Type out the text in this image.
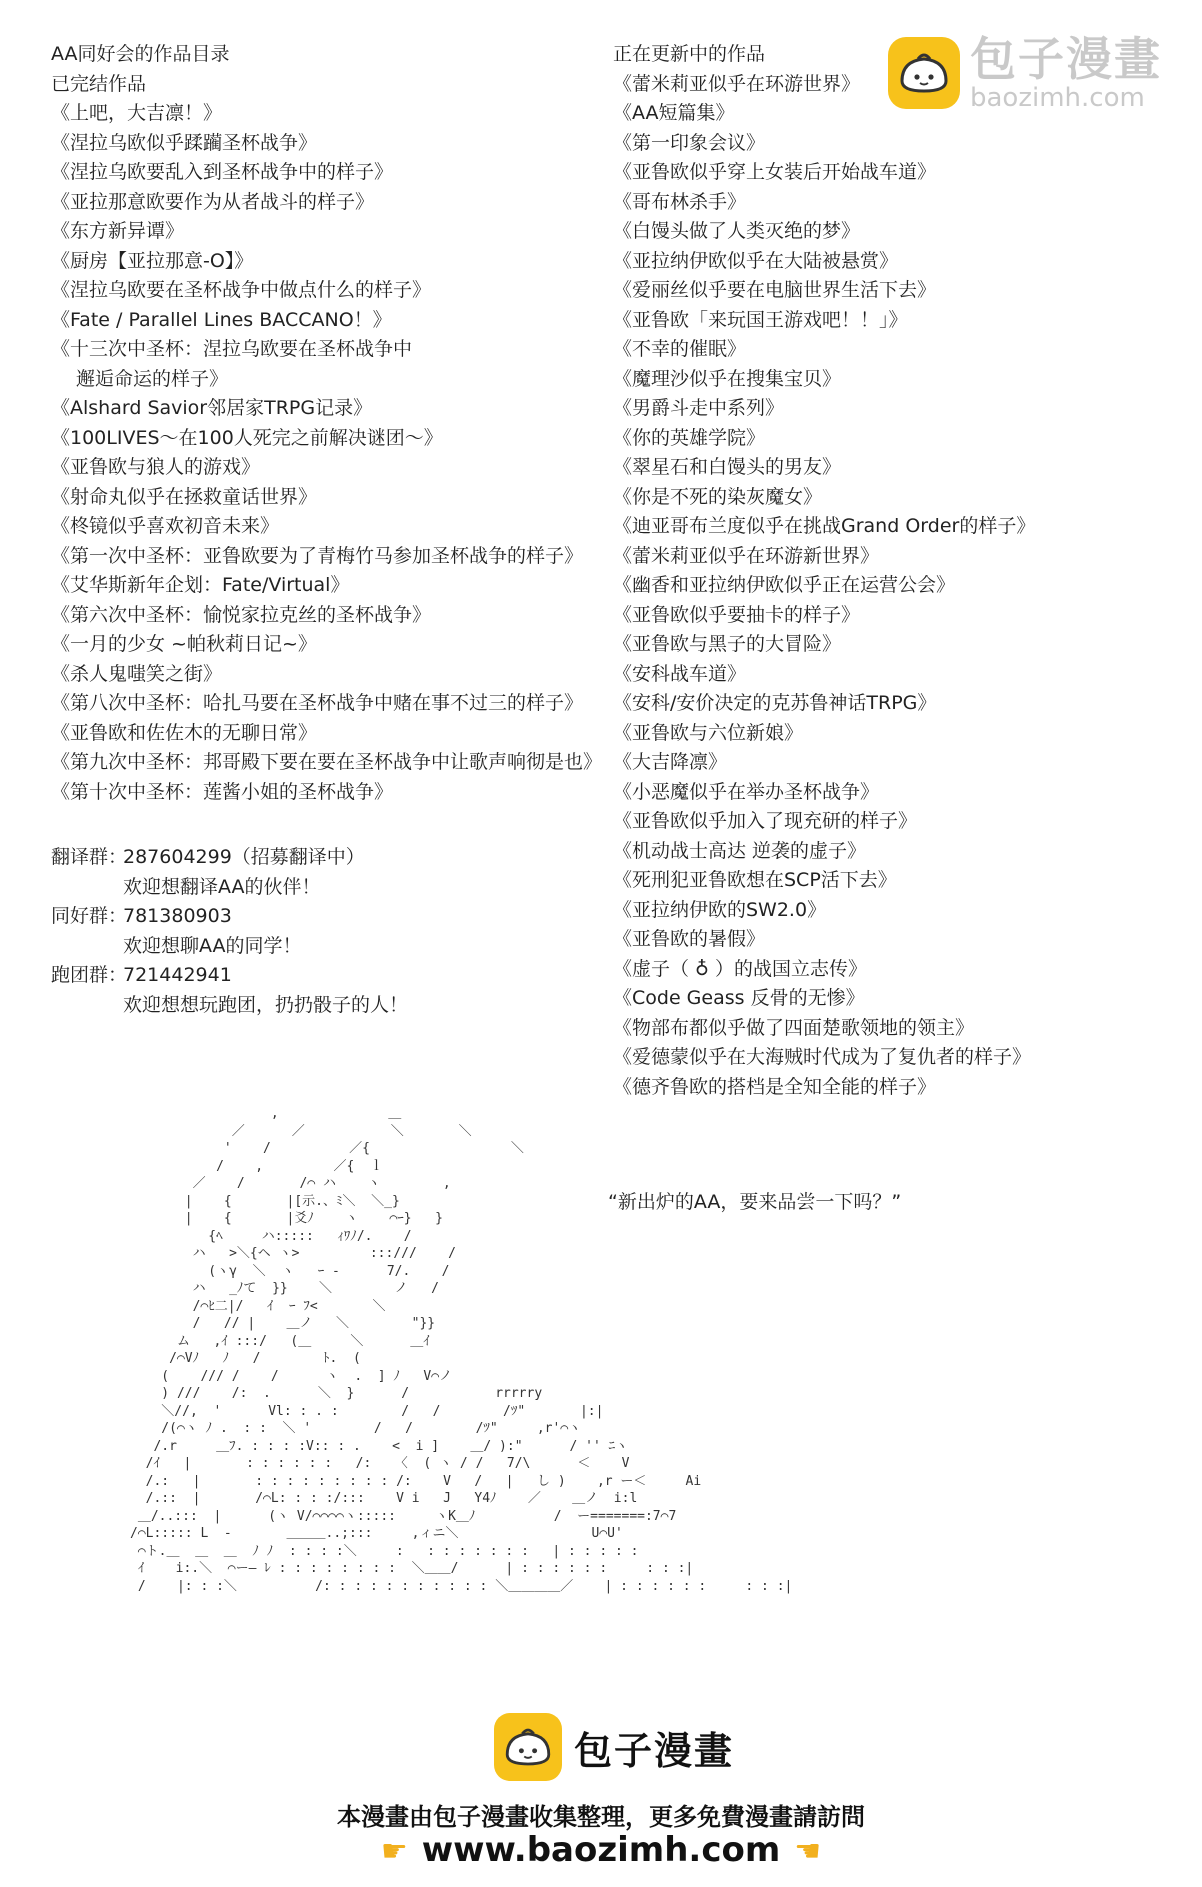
AA同好会的作品目录
已完结作品
《上吧，大吉凛！》
《涅拉乌欧似乎蹂躏圣杯战争》
《涅拉乌欧要乱入到圣杯战争中的样子》
《亚拉那意欧要作为从者战斗的样子》
《东方新异谭》
《厨房【亚拉那意-O】》
《涅拉乌欧要在圣杯战争中做点什么的样子》
《Fate / Parallel Lines BACCANO！》
《十三次中圣杯：涅拉乌欧要在圣杯战争中
邂逅命运的样子》
《Alshard Savior邻居家TRPG记录》
《100LIVES～在100人死完之前解决谜团～》
《亚鲁欧与狼人的游戏》
《射命丸似乎在拯救童话世界》
《柊镜似乎喜欢初音未来》
《第一次中圣杯：亚鲁欧要为了青梅竹马参加圣杯战争的样子》
《艾华斯新年企划：Fate/Virtual》
《第六次中圣杯：愉悦家拉克丝的圣杯战争》
《一月的少女 ~帕秋莉日记~》
《杀人鬼嗤笑之街》
《第八次中圣杯：哈扎马要在圣杯战争中赌在事不过三的样子》
《亚鲁欧和佐佐木的无聊日常》
《第九次中圣杯：邦哥殿下要在要在圣杯战争中让歌声响彻是也》
《第十次中圣杯：莲酱小姐的圣杯战争》
翻译群：
287604299（招募翻译中）
欢迎想翻译AA的伙伴！
同好群：
781380903
欢迎想聊AA的同学！
跑团群：
721442941
欢迎想想玩跑团，扔扔骰子的人！
正在更新中的作品
《蕾米莉亚似乎在环游世界》
《AA短篇集》
《第一印象会议》
《亚鲁欧似乎穿上女装后开始战车道》
《哥布林杀手》
《白馒头做了人类灭绝的梦》
《亚拉纳伊欧似乎在大陆被悬赏》
《爱丽丝似乎要在电脑世界生活下去》
《亚鲁欧「来玩国王游戏吧！！」》
《不幸的催眠》
《魔理沙似乎在搜集宝贝》
《男爵斗走中系列》
《你的英雄学院》
《翠星石和白馒头的男友》
《你是不死的染灰魔女》
《迪亚哥布兰度似乎在挑战Grand Order的样子》
《蕾米莉亚似乎在环游新世界》
《幽香和亚拉纳伊欧似乎正在运营公会》
《亚鲁欧似乎要抽卡的样子》
《亚鲁欧与黑子的大冒险》
《安科战车道》
《安科/安价决定的克苏鲁神话TRPG》
《亚鲁欧与六位新娘》
《大吉降凛》
《小恶魔似乎在举办圣杯战争》
《亚鲁欧似乎加入了现充研的样子》
《机动战士高达 逆袭的虚子》
《死刑犯亚鲁欧想在SCP活下去》
《亚拉纳伊欧的SW2.0》
《亚鲁欧的暑假》
《虚子（ ♁ ）的战国立志传》
《Code Geass 反骨的无惨》
《物部布都似乎做了四面楚歌领地的领主》
《爱德蒙似乎在大海贼时代成为了复仇者的样子》
《德齐鲁欧的搭档是全知全能的样子》
包子漫畫
baozimh.com
,              ＿
／      ／           ＼       ＼
'    /          ／{                  ＼
/    ,         ／{  ｌ
／    /       /⌒ ハ    ヽ        ,
|    {       |[示.、ﾐ＼  ＼_}
|    {       |爻ﾉ    ヽ    ⌒ｰ}   }
{ﾍ     ハ:::::   ｨﾜﾉ/.    /
ハ   >＼{ヘ ヽ>         :::///    /
(ヽγ  ＼  ヽ   ｰ -      7/.    /
ハ   _ﾉて  }}    ＼        ノ   /
/⌒ﾋ二|/   ｲ  ｰ ﾌ<       ＼
/   // |    ＿ノ   ＼        "}}
ム   ,ｲ :::/   (＿     ＼      ＿ｲ
/⌒Vﾉ   ﾉ   /        ﾄ.  (
(    /// /    /      ヽ  .  ] ﾉ   V⌒ノ
) ///    /:  .      ＼  }      /           rrrrry
＼//,  '      Vl: : . :        /   /        /ﾂ"       |:|
/(⌒ヽ ﾉ .  : :  ＼ '        /   /        /ﾂ"     ,r'⌒ヽ
/.r     ＿ﾌ. : : : :V:: : .    <  i ]    ＿/ ):"      / '' ﾆヽ
/ｲ   |       : : : : : :   /:   〈  ( ヽ / /   7/\      ＜    V
/.:   |       : : : : : : : : : /:    V   /   |   し )    ,r ー＜     Ai
/.::  |       /⌒L: : : :/:::    V i   J   Y4ﾉ    ／    ＿ノ  i:l
＿/..:::  |      (ヽ V/⌒⌒⌒⌒ヽ:::::     ヽK＿ﾉ          /  ー=======:7⌒7
/⌒L::::: L  -       ＿＿＿..;:::     ,ィニ＼                 U⌒U'
⌒ト.＿  ＿  ＿  ﾉ ﾉ  : : : :＼     :   : : : : : : :   | : : : : :
ｲ    i:.＼  ⌒ー― ﾚ : : : : : : : :  ＼＿＿/      | : : : : : :     : : :|
/    |: : :＼          /: : : : : : : : : : : ＼＿＿＿＿／    | : : : : : :     : : :|
“新出炉的AA，要来品尝一下吗？”
包子漫畫
本漫畫由包子漫畫收集整理，更多免費漫畫請訪問
☛ www.baozimh.com ☚
